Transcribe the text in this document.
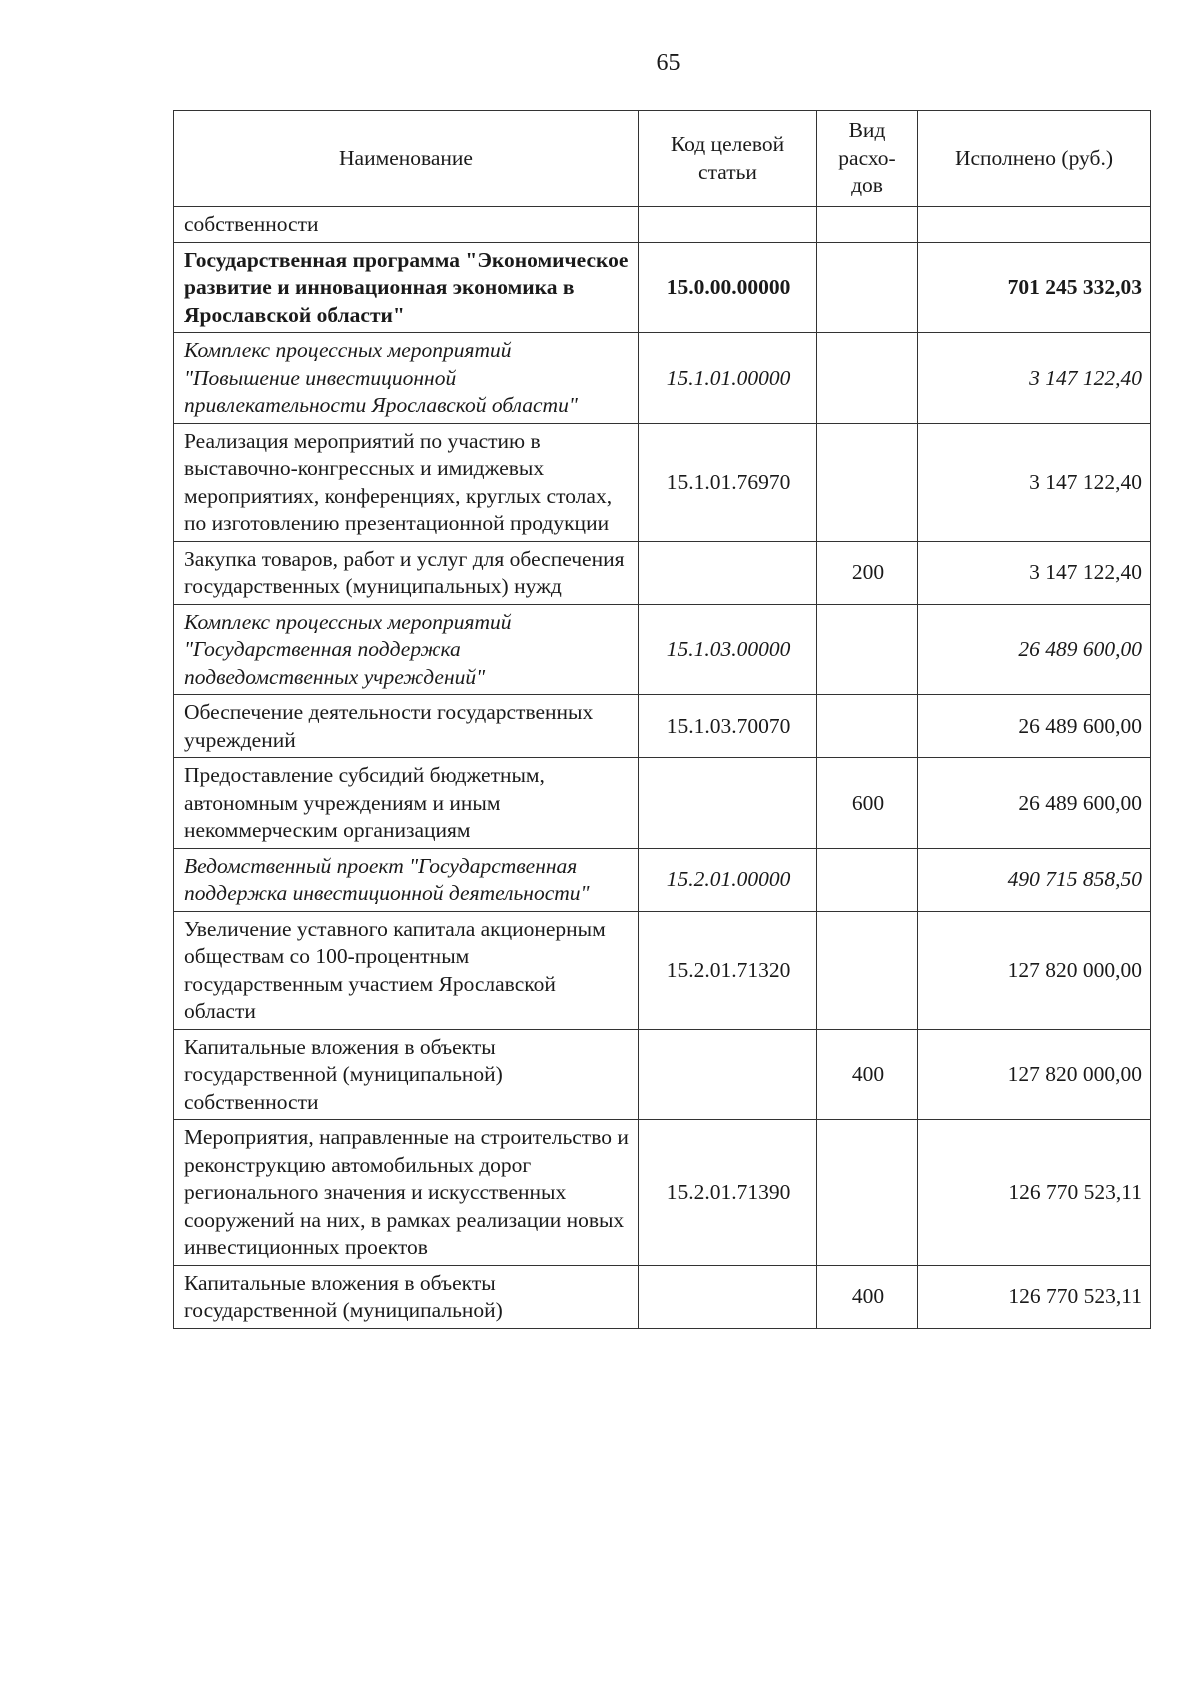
65
Наименование	Код целевой статьи	Вид расхо-дов	Исполнено (руб.)
собственности			
Государственная программа "Экономическое развитие и инновационная экономика в Ярославской области"	15.0.00.00000		701 245 332,03
Комплекс процессных мероприятий "Повышение инвестиционной привлекательности Ярославской области"	15.1.01.00000		3 147 122,40
Реализация мероприятий по участию в выставочно-конгрессных и имиджевых мероприятиях, конференциях, круглых столах, по изготовлению презентационной продукции	15.1.01.76970		3 147 122,40
Закупка товаров, работ и услуг для обеспечения государственных (муниципальных) нужд		200	3 147 122,40
Комплекс процессных мероприятий "Государственная поддержка подведомственных учреждений"	15.1.03.00000		26 489 600,00
Обеспечение деятельности государственных учреждений	15.1.03.70070		26 489 600,00
Предоставление субсидий бюджетным, автономным учреждениям и иным некоммерческим организациям		600	26 489 600,00
Ведомственный проект "Государственная поддержка инвестиционной деятельности"	15.2.01.00000		490 715 858,50
Увеличение уставного капитала акционерным обществам со 100-процентным государственным участием Ярославской области	15.2.01.71320		127 820 000,00
Капитальные вложения в объекты государственной (муниципальной) собственности		400	127 820 000,00
Мероприятия, направленные на строительство и реконструкцию автомобильных дорог регионального значения и искусственных сооружений на них, в рамках реализации новых инвестиционных проектов	15.2.01.71390		126 770 523,11
Капитальные вложения в объекты государственной (муниципальной)		400	126 770 523,11
